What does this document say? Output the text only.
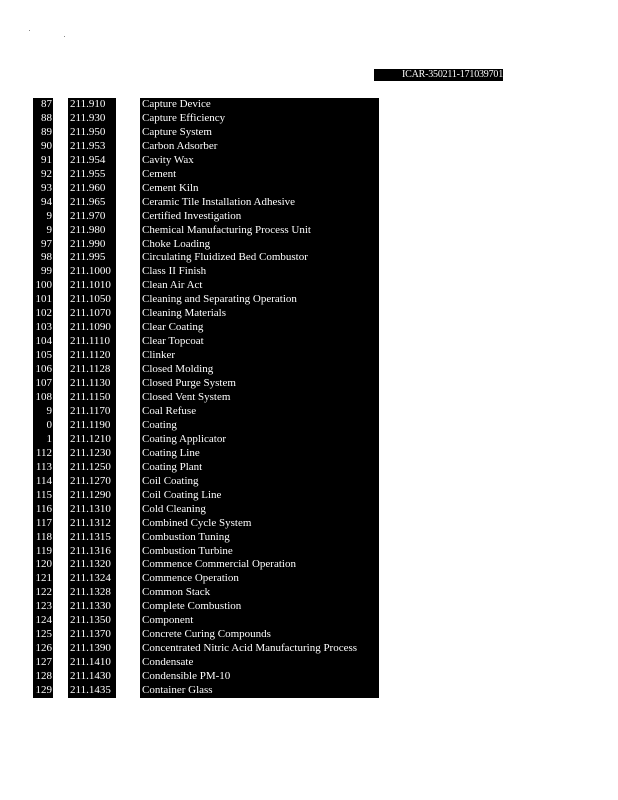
ICAR-350211-171039701
87 211.910	Capture Device
88 211.930	Capture Efficiency
89 211.950	Capture System
90 211.953	Carbon Adsorber
91 211.954	Cavity Wax
92 211.955	Cement
93 211.960	Cement Kiln
94 211.965	Ceramic Tile Installation Adhesive
9 211.970	Certified Investigation
9 211.980	Chemical Manufacturing Process Unit
97 211.990	Choke Loading
98 211.995	Circulating Fluidized Bed Combustor
99 211.1000	Class II Finish
100 211.1010	Clean Air Act
101 211.1050	Cleaning and Separating Operation
102 211.1070	Cleaning Materials
103 211.1090	Clear Coating
104 211.1110	Clear Topcoat
105 211.1120	Clinker
106 211.1128	Closed Molding
107 211.1130	Closed Purge System
108 211.1150	Closed Vent System
9 211.1170	Coal Refuse
0 211.1190	Coating
1 211.1210	Coating Applicator
112 211.1230	Coating Line
113 211.1250	Coating Plant
114 211.1270	Coil Coating
115 211.1290	Coil Coating Line
116 211.1310	Cold Cleaning
117 211.1312	Combined Cycle System
118 211.1315	Combustion Tuning
119 211.1316	Combustion Turbine
120 211.1320	Commence Commercial Operation
121 211.1324	Commence Operation
122 211.1328	Common Stack
123 211.1330	Complete Combustion
124 211.1350	Component
125 211.1370	Concrete Curing Compounds
126 211.1390	Concentrated Nitric Acid Manufacturing Process
127 211.1410	Condensate
128 211.1430	Condensible PM-10
129 211.1435	Container Glass
